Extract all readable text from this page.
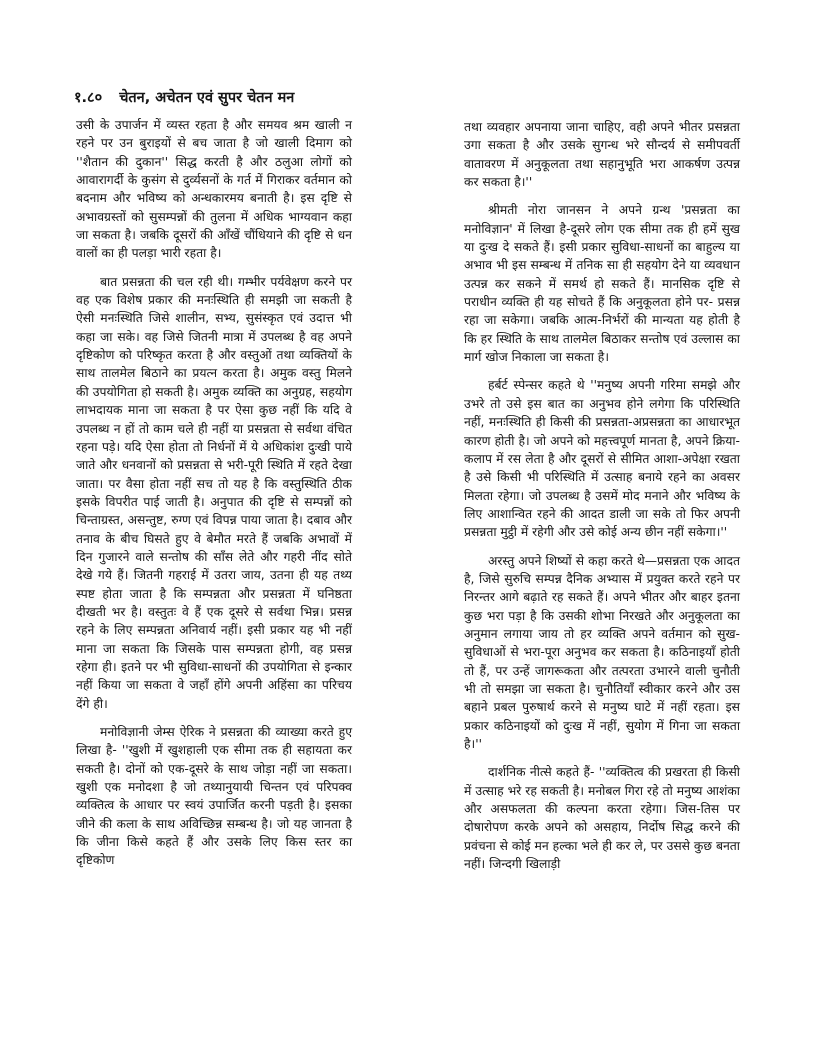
१.८० चेतन, अचेतन एवं सुपर चेतन मन

उसी के उपार्जन में व्यस्त रहता है और समयव श्रम खाली न रहने पर उन बुराइयों से बच जाता है जो खाली दिमाग को ''शैतान की दुकान'' सिद्ध करती है और ठलुआ लोगों को आवारागर्दी के कुसंग से दुर्व्यसनों के गर्त में गिराकर वर्तमान को बदनाम और भविष्य को अन्धकारमय बनाती है। इस दृष्टि से अभावग्रस्तों को सुसम्पन्नों की तुलना में अधिक भाग्यवान कहा जा सकता है। जबकि दूसरों की आँखें चौंधियाने की दृष्टि से धन वालों का ही पलड़ा भारी रहता है।

बात प्रसन्नता की चल रही थी। गम्भीर पर्यवेक्षण करने पर वह एक विशेष प्रकार की मनःस्थिति ही समझी जा सकती है ऐसी मनःस्थिति जिसे शालीन, सभ्य, सुसंस्कृत एवं उदात्त भी कहा जा सके। वह जिसे जितनी मात्रा में उपलब्ध है वह अपने दृष्टिकोण को परिष्कृत करता है और वस्तुओं तथा व्यक्तियों के साथ तालमेल बिठाने का प्रयत्न करता है। अमुक वस्तु मिलने की उपयोगिता हो सकती है। अमुक व्यक्ति का अनुग्रह, सहयोग लाभदायक माना जा सकता है पर ऐसा कुछ नहीं कि यदि वे उपलब्ध न हों तो काम चले ही नहीं या प्रसन्नता से सर्वथा वंचित रहना पड़े। यदि ऐसा होता तो निर्धनों में ये अधिकांश दुःखी पाये जाते और धनवानों को प्रसन्नता से भरी-पूरी स्थिति में रहते देखा जाता। पर वैसा होता नहीं सच तो यह है कि वस्तुस्थिति ठीक इसके विपरीत पाई जाती है। अनुपात की दृष्टि से सम्पन्नों को चिन्ताग्रस्त, असन्तुष्ट, रुग्ण एवं विपन्न पाया जाता है। दबाव और तनाव के बीच घिसते हुए वे बेमौत मरते हैं जबकि अभावों में दिन गुजारने वाले सन्तोष की साँस लेते और गहरी नींद सोते देखे गये हैं। जितनी गहराई में उतरा जाय, उतना ही यह तथ्य स्पष्ट होता जाता है कि सम्पन्नता और प्रसन्नता में घनिष्ठता दीखती भर है। वस्तुतः वे हैं एक दूसरे से सर्वथा भिन्न। प्रसन्न रहने के लिए सम्पन्नता अनिवार्य नहीं। इसी प्रकार यह भी नहीं माना जा सकता कि जिसके पास सम्पन्नता होगी, वह प्रसन्न रहेगा ही। इतने पर भी सुविधा-साधनों की उपयोगिता से इन्कार नहीं किया जा सकता वे जहाँ होंगे अपनी अहिंसा का परिचय देंगे ही।

मनोविज्ञानी जेम्स ऐरिक ने प्रसन्नता की व्याख्या करते हुए लिखा है- ''खुशी में खुशहाली एक सीमा तक ही सहायता कर सकती है। दोनों को एक-दूसरे के साथ जोड़ा नहीं जा सकता। खुशी एक मनोदशा है जो तथ्यानुयायी चिन्तन एवं परिपक्व व्यक्तित्व के आधार पर स्वयं उपार्जित करनी पड़ती है। इसका जीने की कला के साथ अविच्छिन्न सम्बन्ध है। जो यह जानता है कि जीना किसे कहते हैं और उसके लिए किस स्तर का दृष्टिकोण

तथा व्यवहार अपनाया जाना चाहिए, वही अपने भीतर प्रसन्नता उगा सकता है और उसके सुगन्ध भरे सौन्दर्य से समीपवर्ती वातावरण में अनुकूलता तथा सहानुभूति भरा आकर्षण उत्पन्न कर सकता है।''

श्रीमती नोरा जानसन ने अपने ग्रन्थ 'प्रसन्नता का मनोविज्ञान' में लिखा है-दूसरे लोग एक सीमा तक ही हमें सुख या दुःख दे सकते हैं। इसी प्रकार सुविधा-साधनों का बाहुल्य या अभाव भी इस सम्बन्ध में तनिक सा ही सहयोग देने या व्यवधान उत्पन्न कर सकने में समर्थ हो सकते हैं। मानसिक दृष्टि से पराधीन व्यक्ति ही यह सोचते हैं कि अनुकूलता होने पर- प्रसन्न रहा जा सकेगा। जबकि आत्म-निर्भरों की मान्यता यह होती है कि हर स्थिति के साथ तालमेल बिठाकर सन्तोष एवं उल्लास का मार्ग खोज निकाला जा सकता है।

हर्बर्ट स्पेन्सर कहते थे ''मनुष्य अपनी गरिमा समझे और उभरे तो उसे इस बात का अनुभव होने लगेगा कि परिस्थिति नहीं, मनःस्थिति ही किसी की प्रसन्नता-अप्रसन्नता का आधारभूत कारण होती है। जो अपने को महत्त्वपूर्ण मानता है, अपने क्रिया-कलाप में रस लेता है और दूसरों से सीमित आशा-अपेक्षा रखता है उसे किसी भी परिस्थिति में उत्साह बनाये रहने का अवसर मिलता रहेगा। जो उपलब्ध है उसमें मोद मनाने और भविष्य के लिए आशान्वित रहने की आदत डाली जा सके तो फिर अपनी प्रसन्नता मुट्ठी में रहेगी और उसे कोई अन्य छीन नहीं सकेगा।''

अरस्तु अपने शिष्यों से कहा करते थे—प्रसन्नता एक आदत है, जिसे सुरुचि सम्पन्न दैनिक अभ्यास में प्रयुक्त करते रहने पर निरन्तर आगे बढ़ाते रह सकते हैं। अपने भीतर और बाहर इतना कुछ भरा पड़ा है कि उसकी शोभा निरखते और अनुकूलता का अनुमान लगाया जाय तो हर व्यक्ति अपने वर्तमान को सुख-सुविधाओं से भरा-पूरा अनुभव कर सकता है। कठिनाइयाँ होती तो हैं, पर उन्हें जागरूकता और तत्परता उभारने वाली चुनौती भी तो समझा जा सकता है। चुनौतियाँ स्वीकार करने और उस बहाने प्रबल पुरुषार्थ करने से मनुष्य घाटे में नहीं रहता। इस प्रकार कठिनाइयों को दुःख में नहीं, सुयोग में गिना जा सकता है।''

दार्शनिक नीत्से कहते हैं- ''व्यक्तित्व की प्रखरता ही किसी में उत्साह भरे रह सकती है। मनोबल गिरा रहे तो मनुष्य आशंका और असफलता की कल्पना करता रहेगा। जिस-तिस पर दोषारोपण करके अपने को असहाय, निर्दोष सिद्ध करने की प्रवंचना से कोई मन हल्का भले ही कर ले, पर उससे कुछ बनता नहीं। जिन्दगी खिलाड़ी
